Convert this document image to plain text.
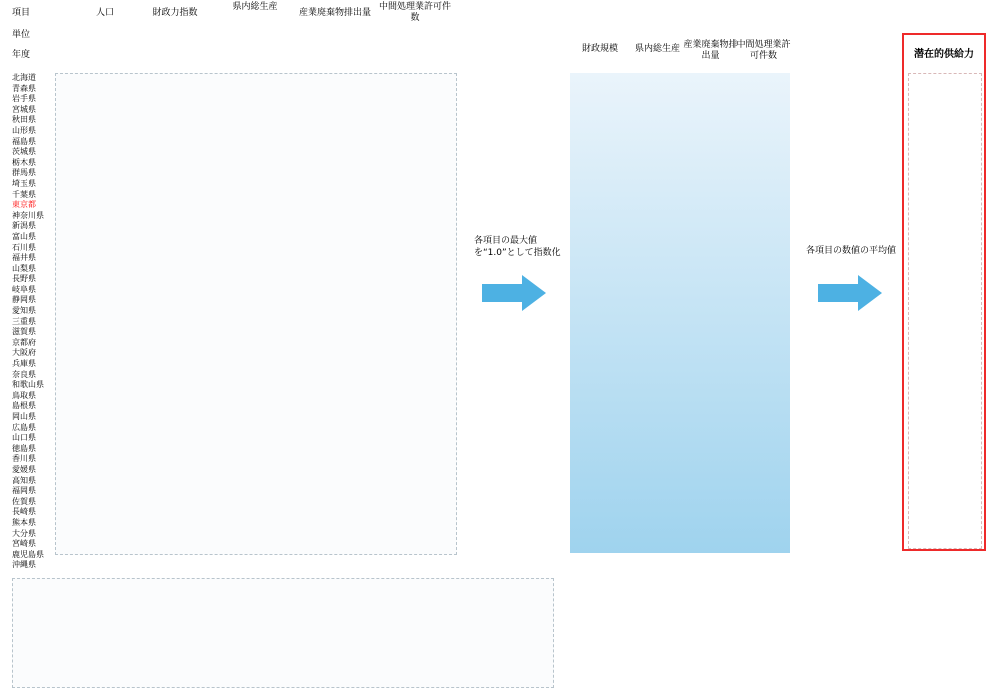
項目
単位
年度
人口	財政力指数
県内総生産
産業廃棄物排出量
中間処理業許可件数
北海道
青森県
岩手県
宮城県
秋田県
山形県
福島県
茨城県
栃木県
群馬県
埼玉県
千葉県
東京都
神奈川県
新潟県
富山県
石川県
福井県
山梨県
長野県
岐阜県
静岡県
愛知県
三重県
滋賀県
京都府
大阪府
兵庫県
奈良県
和歌山県
鳥取県
島根県
岡山県
広島県
山口県
徳島県
香川県
愛媛県
高知県
福岡県
佐賀県
長崎県
熊本県
大分県
宮崎県
鹿児島県
沖縄県
各項目の最大値を“1.0”として指数化
財政規模	県内総生産 産業廃棄物排出量
中間処理業許可件数
各項目の数値の平均値
潜在的供給力
